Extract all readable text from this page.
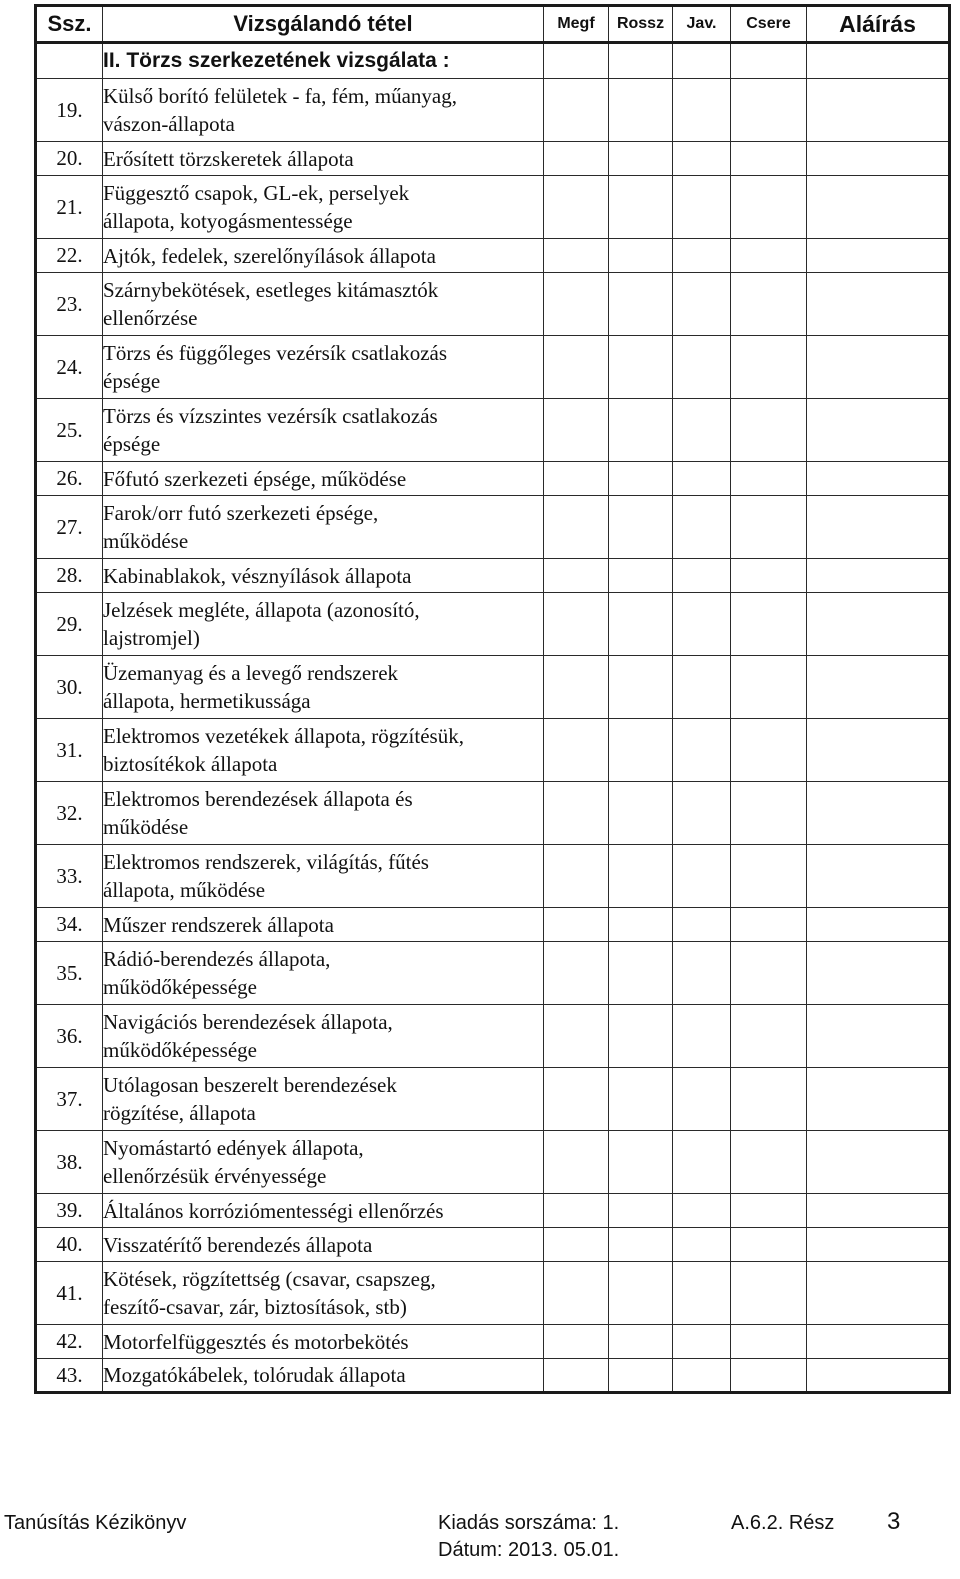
Ssz.	Vizsgálandó tétel	Megf	Rossz	Jav.	Csere	Aláírás
	II. Törzs szerkezetének vizsgálata :					
19.	Külső borító felületek - fa, fém, műanyag,
vászon-állapota					

20.	Erősített törzskeretek állapota					

21.	Függesztő csapok, GL-ek, perselyek
állapota, kotyogásmentessége					

22.	Ajtók, fedelek, szerelőnyílások állapota					

23.	Szárnybekötések, esetleges kitámasztók
ellenőrzése					

24.	Törzs és függőleges vezérsík csatlakozás
épsége					

25.	Törzs és vízszintes vezérsík csatlakozás
épsége					

26.	Főfutó szerkezeti épsége, működése					

27.	Farok/orr futó szerkezeti épsége,
működése					

28.	Kabinablakok, vésznyílások állapota					

29.	Jelzések megléte, állapota (azonosító,
lajstromjel)					

30.	Üzemanyag és a levegő rendszerek
állapota, hermetikussága					

31.	Elektromos vezetékek állapota, rögzítésük,
biztosítékok állapota					

32.	Elektromos berendezések állapota és
működése					

33.	Elektromos rendszerek, világítás, fűtés
állapota, működése					

34.	Műszer rendszerek állapota					

35.	Rádió-berendezés állapota,
működőképessége					

36.	Navigációs berendezések állapota,
működőképessége					

37.	Utólagosan beszerelt berendezések
rögzítése, állapota					

38.	Nyomástartó edények állapota,
ellenőrzésük érvényessége					

39.	Általános korróziómentességi ellenőrzés					

40.	Visszatérítő berendezés állapota					

41.	Kötések, rögzítettség (csavar, csapszeg,
feszítő-csavar, zár, biztosítások, stb)					

42.	Motorfelfüggesztés és motorbekötés					

43.	Mozgatókábelek, tolórudak állapota					

Tanúsítás Kézikönyv	Kiadás sorszáma: 1.
Dátum: 2013. 05.01.
A.6.2. Rész 3
